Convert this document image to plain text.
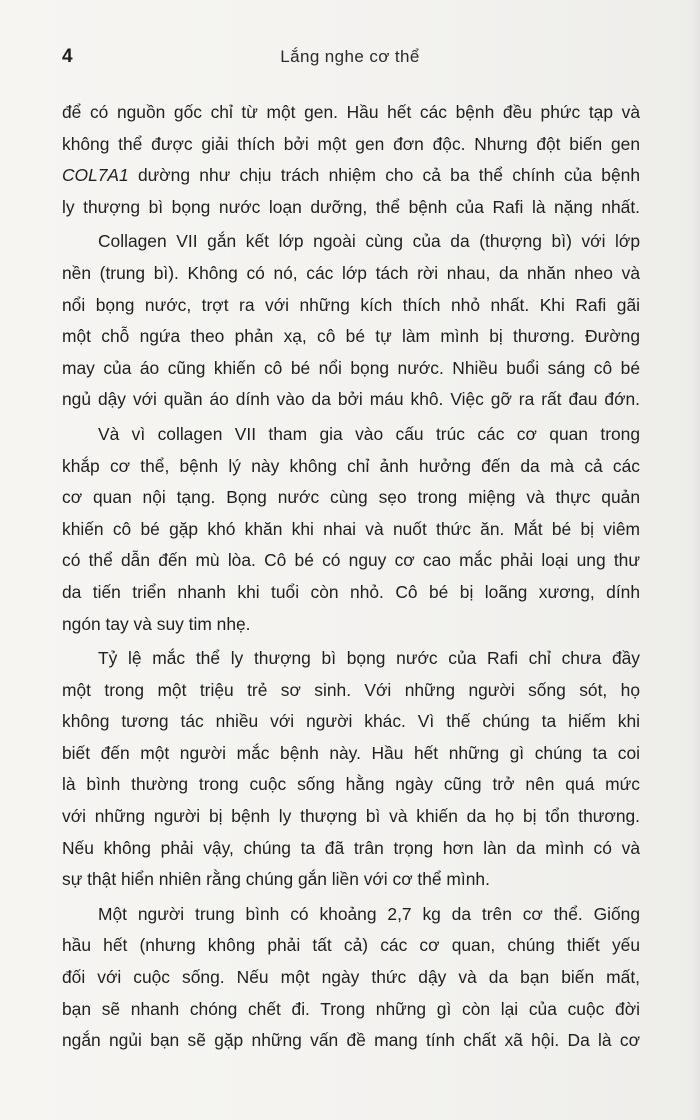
4	Lắng nghe cơ thể

để có nguồn gốc chỉ từ một gen. Hầu hết các bệnh đều phức tạp và
không thể được giải thích bởi một gen đơn độc. Nhưng đột biến gen
COL7A1 dường như chịu trách nhiệm cho cả ba thể chính của bệnh
ly thượng bì bọng nước loạn dưỡng, thể bệnh của Rafi là nặng nhất.

Collagen VII gắn kết lớp ngoài cùng của da (thượng bì) với lớp
nền (trung bì). Không có nó, các lớp tách rời nhau, da nhăn nheo và
nổi bọng nước, trợt ra với những kích thích nhỏ nhất. Khi Rafi gãi
một chỗ ngứa theo phản xạ, cô bé tự làm mình bị thương. Đường
may của áo cũng khiến cô bé nổi bọng nước. Nhiều buổi sáng cô bé
ngủ dậy với quần áo dính vào da bởi máu khô. Việc gỡ ra rất đau đớn.

Và vì collagen VII tham gia vào cấu trúc các cơ quan trong
khắp cơ thể, bệnh lý này không chỉ ảnh hưởng đến da mà cả các
cơ quan nội tạng. Bọng nước cùng sẹo trong miệng và thực quản
khiến cô bé gặp khó khăn khi nhai và nuốt thức ăn. Mắt bé bị viêm
có thể dẫn đến mù lòa. Cô bé có nguy cơ cao mắc phải loại ung thư
da tiến triển nhanh khi tuổi còn nhỏ. Cô bé bị loãng xương, dính
ngón tay và suy tim nhẹ.

Tỷ lệ mắc thể ly thượng bì bọng nước của Rafi chỉ chưa đầy
một trong một triệu trẻ sơ sinh. Với những người sống sót, họ
không tương tác nhiều với người khác. Vì thế chúng ta hiếm khi
biết đến một người mắc bệnh này. Hầu hết những gì chúng ta coi
là bình thường trong cuộc sống hằng ngày cũng trở nên quá mức
với những người bị bệnh ly thượng bì và khiến da họ bị tổn thương.
Nếu không phải vậy, chúng ta đã trân trọng hơn làn da mình có và
sự thật hiển nhiên rằng chúng gắn liền với cơ thể mình.

Một người trung bình có khoảng 2,7 kg da trên cơ thể. Giống
hầu hết (nhưng không phải tất cả) các cơ quan, chúng thiết yếu
đối với cuộc sống. Nếu một ngày thức dậy và da bạn biến mất,
bạn sẽ nhanh chóng chết đi. Trong những gì còn lại của cuộc đời
ngắn ngủi bạn sẽ gặp những vấn đề mang tính chất xã hội. Da là cơ
